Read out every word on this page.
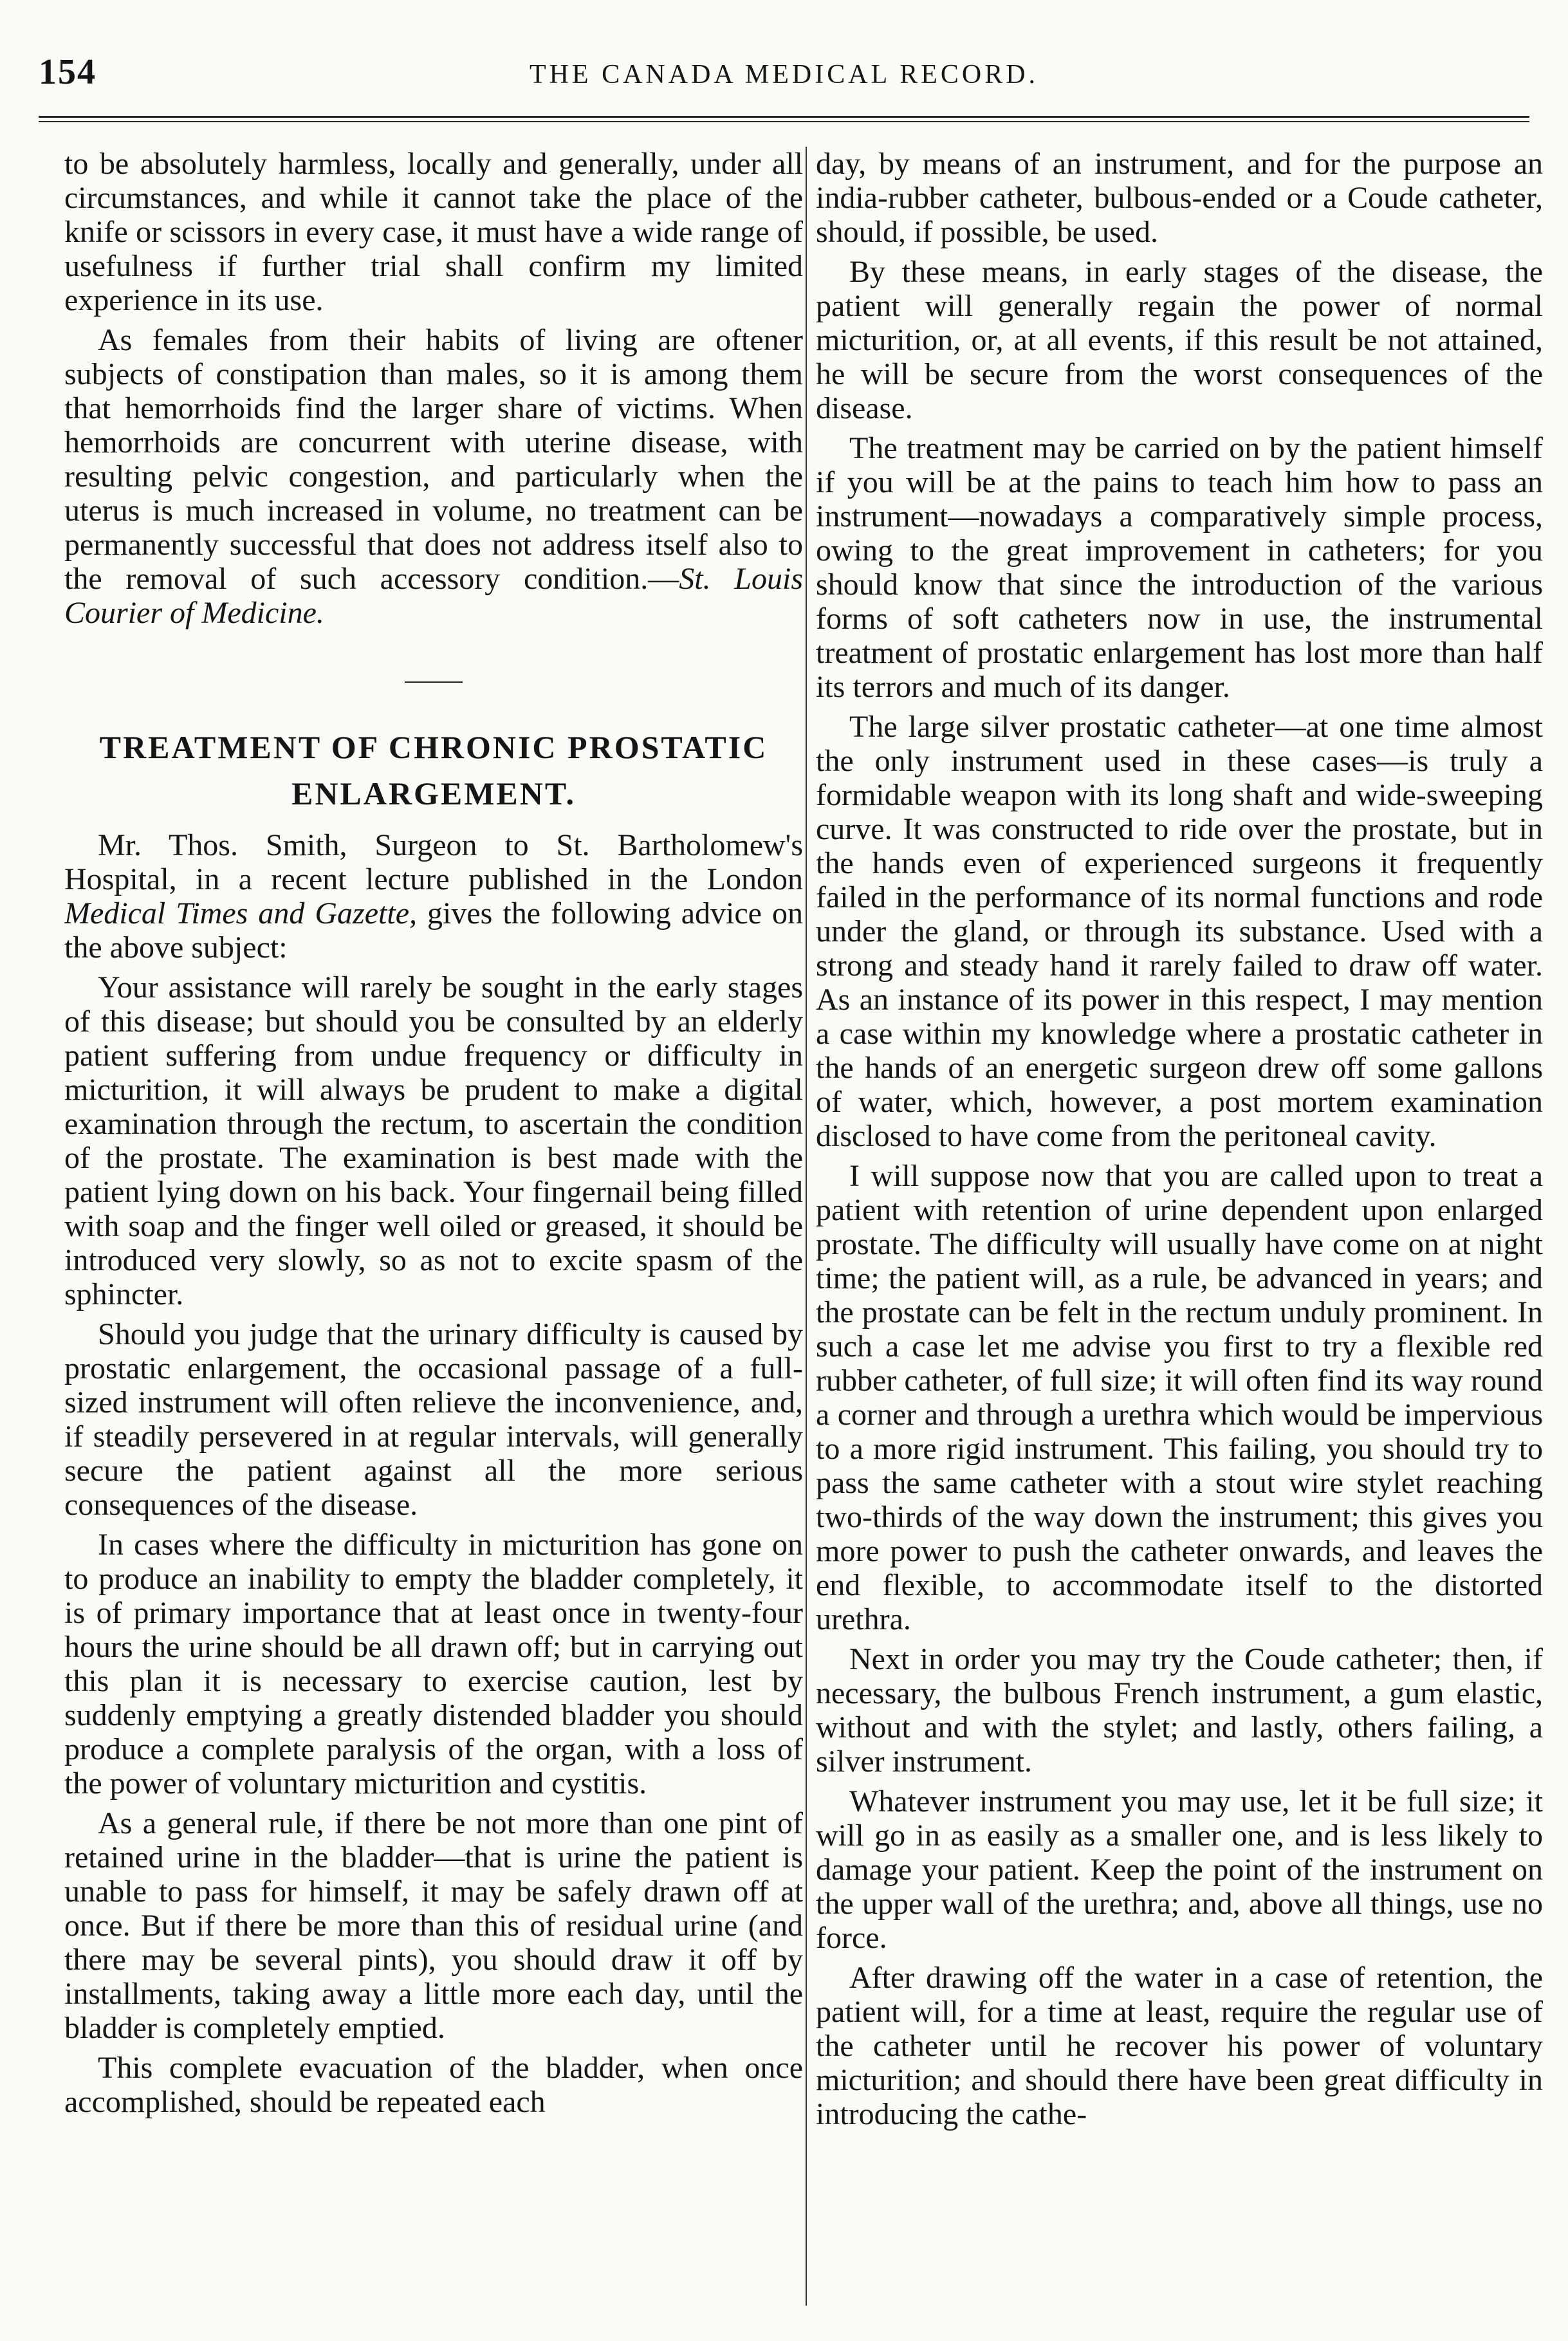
154	THE CANADA MEDICAL RECORD.

to be absolutely harmless, locally and generally, under all circumstances, and while it cannot take the place of the knife or scissors in every case, it must have a wide range of usefulness if further trial shall confirm my limited experience in its use.

As females from their habits of living are oftener subjects of constipation than males, so it is among them that hemorrhoids find the larger share of victims. When hemorrhoids are concurrent with uterine disease, with resulting pelvic congestion, and particularly when the uterus is much increased in volume, no treatment can be permanently successful that does not address itself also to the removal of such accessory condition.—St. Louis Courier of Medicine.

TREATMENT OF CHRONIC PROSTATIC
ENLARGEMENT.

Mr. Thos. Smith, Surgeon to St. Bartholomew's Hospital, in a recent lecture published in the London Medical Times and Gazette, gives the following advice on the above subject:

Your assistance will rarely be sought in the early stages of this disease; but should you be consulted by an elderly patient suffering from undue frequency or difficulty in micturition, it will always be prudent to make a digital examination through the rectum, to ascertain the condition of the prostate. The examination is best made with the patient lying down on his back. Your fingernail being filled with soap and the finger well oiled or greased, it should be introduced very slowly, so as not to excite spasm of the sphincter.

Should you judge that the urinary difficulty is caused by prostatic enlargement, the occasional passage of a full-sized instrument will often relieve the inconvenience, and, if steadily persevered in at regular intervals, will generally secure the patient against all the more serious consequences of the disease.

In cases where the difficulty in micturition has gone on to produce an inability to empty the bladder completely, it is of primary importance that at least once in twenty-four hours the urine should be all drawn off; but in carrying out this plan it is necessary to exercise caution, lest by suddenly emptying a greatly distended bladder you should produce a complete paralysis of the organ, with a loss of the power of voluntary micturition and cystitis.

As a general rule, if there be not more than one pint of retained urine in the bladder—that is urine the patient is unable to pass for himself, it may be safely drawn off at once. But if there be more than this of residual urine (and there may be several pints), you should draw it off by installments, taking away a little more each day, until the bladder is completely emptied.

This complete evacuation of the bladder, when once accomplished, should be repeated each

day, by means of an instrument, and for the purpose an india-rubber catheter, bulbous-ended or a Coude catheter, should, if possible, be used.

By these means, in early stages of the disease, the patient will generally regain the power of normal micturition, or, at all events, if this result be not attained, he will be secure from the worst consequences of the disease.

The treatment may be carried on by the patient himself if you will be at the pains to teach him how to pass an instrument—nowadays a comparatively simple process, owing to the great improvement in catheters; for you should know that since the introduction of the various forms of soft catheters now in use, the instrumental treatment of prostatic enlargement has lost more than half its terrors and much of its danger.

The large silver prostatic catheter—at one time almost the only instrument used in these cases—is truly a formidable weapon with its long shaft and wide-sweeping curve. It was constructed to ride over the prostate, but in the hands even of experienced surgeons it frequently failed in the performance of its normal functions and rode under the gland, or through its substance. Used with a strong and steady hand it rarely failed to draw off water. As an instance of its power in this respect, I may mention a case within my knowledge where a prostatic catheter in the hands of an energetic surgeon drew off some gallons of water, which, however, a post mortem examination disclosed to have come from the peritoneal cavity.

I will suppose now that you are called upon to treat a patient with retention of urine dependent upon enlarged prostate. The difficulty will usually have come on at night time; the patient will, as a rule, be advanced in years; and the prostate can be felt in the rectum unduly prominent. In such a case let me advise you first to try a flexible red rubber catheter, of full size; it will often find its way round a corner and through a urethra which would be impervious to a more rigid instrument. This failing, you should try to pass the same catheter with a stout wire stylet reaching two-thirds of the way down the instrument; this gives you more power to push the catheter onwards, and leaves the end flexible, to accommodate itself to the distorted urethra.

Next in order you may try the Coude catheter; then, if necessary, the bulbous French instrument, a gum elastic, without and with the stylet; and lastly, others failing, a silver instrument.

Whatever instrument you may use, let it be full size; it will go in as easily as a smaller one, and is less likely to damage your patient. Keep the point of the instrument on the upper wall of the urethra; and, above all things, use no force.

After drawing off the water in a case of retention, the patient will, for a time at least, require the regular use of the catheter until he recover his power of voluntary micturition; and should there have been great difficulty in introducing the cathe-
